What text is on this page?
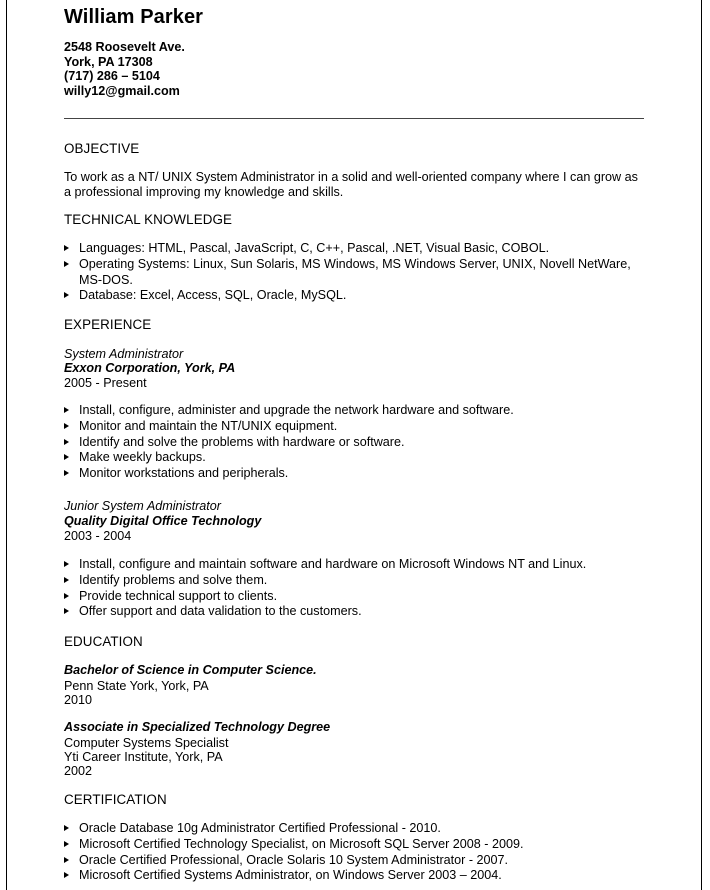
William Parker
2548 Roosevelt Ave.
York, PA 17308
(717) 286 – 5104
willy12@gmail.com
OBJECTIVE

To work as a NT/ UNIX System Administrator in a solid and well-oriented company where I can grow as a professional improving my knowledge and skills.

TECHNICAL KNOWLEDGE
Languages: HTML, Pascal, JavaScript, C, C++, Pascal, .NET, Visual Basic, COBOL.
Operating Systems: Linux, Sun Solaris, MS Windows, MS Windows Server, UNIX, Novell NetWare, MS-DOS.
Database: Excel, Access, SQL, Oracle, MySQL.
EXPERIENCE
System Administrator
Exxon Corporation, York, PA
2005 - Present
Install, configure, administer and upgrade the network hardware and software.
Monitor and maintain the NT/UNIX equipment.
Identify and solve the problems with hardware or software.
Make weekly backups.
Monitor workstations and peripherals.
Junior System Administrator
Quality Digital Office Technology
2003 - 2004
Install, configure and maintain software and hardware on Microsoft Windows NT and Linux.
Identify problems and solve them.
Provide technical support to clients.
Offer support and data validation to the customers.
EDUCATION
Bachelor of Science in Computer Science.
Penn State York, York, PA
2010
Associate in Specialized Technology Degree
Computer Systems Specialist
Yti Career Institute, York, PA
2002
CERTIFICATION
Oracle Database 10g Administrator Certified Professional - 2010.
Microsoft Certified Technology Specialist, on Microsoft SQL Server 2008 - 2009.
Oracle Certified Professional, Oracle Solaris 10 System Administrator - 2007.
Microsoft Certified Systems Administrator, on Windows Server 2003 – 2004.
